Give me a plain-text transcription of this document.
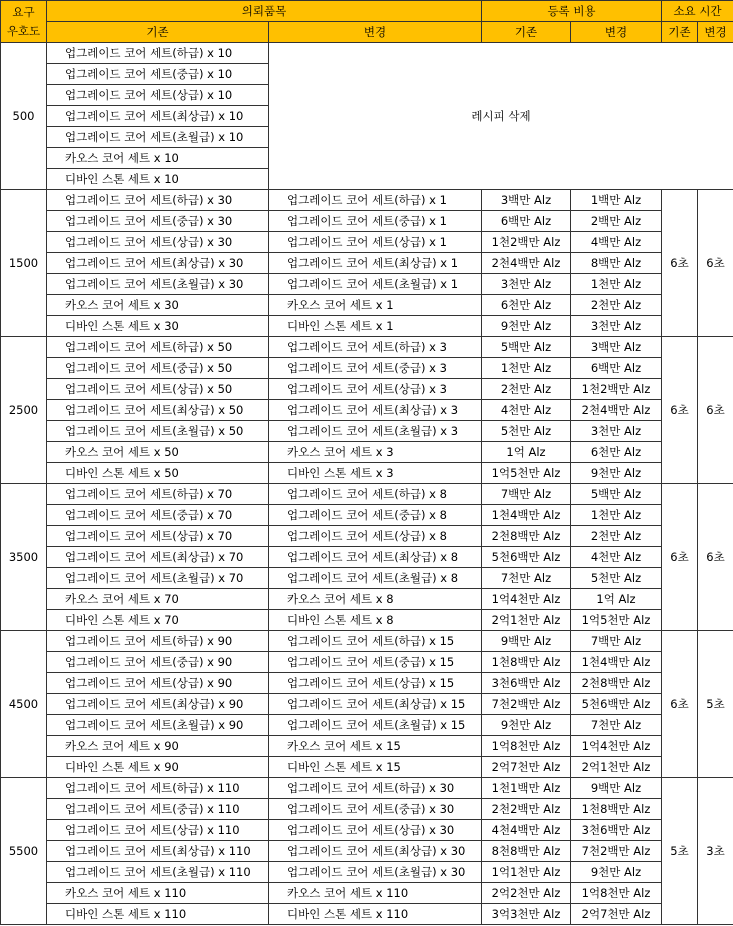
요구
우호도	의뢰품목		등록 비용		소요 시간	
	기존	변경	기존	변경	기존	변경
500	업그레이드 코어 세트(하급) x 10	레시피 삭제				
	업그레이드 코어 세트(중급) x 10					
	업그레이드 코어 세트(상급) x 10					
	업그레이드 코어 세트(최상급) x 10					
	업그레이드 코어 세트(초월급) x 10					
	카오스 코어 세트 x 10					
	디바인 스톤 세트 x 10					
1500	업그레이드 코어 세트(하급) x 30	업그레이드 코어 세트(하급) x 1	3백만 Alz	1백만 Alz	6초	6초
	업그레이드 코어 세트(중급) x 30	업그레이드 코어 세트(중급) x 1	6백만 Alz	2백만 Alz		
	업그레이드 코어 세트(상급) x 30	업그레이드 코어 세트(상급) x 1	1천2백만 Alz	4백만 Alz		
	업그레이드 코어 세트(최상급) x 30	업그레이드 코어 세트(최상급) x 1	2천4백만 Alz	8백만 Alz		
	업그레이드 코어 세트(초월급) x 30	업그레이드 코어 세트(초월급) x 1	3천만 Alz	1천만 Alz		
	카오스 코어 세트 x 30	카오스 코어 세트 x 1	6천만 Alz	2천만 Alz		
	디바인 스톤 세트 x 30	디바인 스톤 세트 x 1	9천만 Alz	3천만 Alz		
2500	업그레이드 코어 세트(하급) x 50	업그레이드 코어 세트(하급) x 3	5백만 Alz	3백만 Alz	6초	6초
	업그레이드 코어 세트(중급) x 50	업그레이드 코어 세트(중급) x 3	1천만 Alz	6백만 Alz		
	업그레이드 코어 세트(상급) x 50	업그레이드 코어 세트(상급) x 3	2천만 Alz	1천2백만 Alz		
	업그레이드 코어 세트(최상급) x 50	업그레이드 코어 세트(최상급) x 3	4천만 Alz	2천4백만 Alz		
	업그레이드 코어 세트(초월급) x 50	업그레이드 코어 세트(초월급) x 3	5천만 Alz	3천만 Alz		
	카오스 코어 세트 x 50	카오스 코어 세트 x 3	1억 Alz	6천만 Alz		
	디바인 스톤 세트 x 50	디바인 스톤 세트 x 3	1억5천만 Alz	9천만 Alz		
3500	업그레이드 코어 세트(하급) x 70	업그레이드 코어 세트(하급) x 8	7백만 Alz	5백만 Alz	6초	6초
	업그레이드 코어 세트(중급) x 70	업그레이드 코어 세트(중급) x 8	1천4백만 Alz	1천만 Alz		
	업그레이드 코어 세트(상급) x 70	업그레이드 코어 세트(상급) x 8	2천8백만 Alz	2천만 Alz		
	업그레이드 코어 세트(최상급) x 70	업그레이드 코어 세트(최상급) x 8	5천6백만 Alz	4천만 Alz		
	업그레이드 코어 세트(초월급) x 70	업그레이드 코어 세트(초월급) x 8	7천만 Alz	5천만 Alz		
	카오스 코어 세트 x 70	카오스 코어 세트 x 8	1억4천만 Alz	1억 Alz		
	디바인 스톤 세트 x 70	디바인 스톤 세트 x 8	2억1천만 Alz	1억5천만 Alz		
4500	업그레이드 코어 세트(하급) x 90	업그레이드 코어 세트(하급) x 15	9백만 Alz	7백만 Alz	6초	5초
	업그레이드 코어 세트(중급) x 90	업그레이드 코어 세트(중급) x 15	1천8백만 Alz	1천4백만 Alz		
	업그레이드 코어 세트(상급) x 90	업그레이드 코어 세트(상급) x 15	3천6백만 Alz	2천8백만 Alz		
	업그레이드 코어 세트(최상급) x 90	업그레이드 코어 세트(최상급) x 15	7천2백만 Alz	5천6백만 Alz		
	업그레이드 코어 세트(초월급) x 90	업그레이드 코어 세트(초월급) x 15	9천만 Alz	7천만 Alz		
	카오스 코어 세트 x 90	카오스 코어 세트 x 15	1억8천만 Alz	1억4천만 Alz		
	디바인 스톤 세트 x 90	디바인 스톤 세트 x 15	2억7천만 Alz	2억1천만 Alz		
5500	업그레이드 코어 세트(하급) x 110	업그레이드 코어 세트(하급) x 30	1천1백만 Alz	9백만 Alz	5초	3초
	업그레이드 코어 세트(중급) x 110	업그레이드 코어 세트(중급) x 30	2천2백만 Alz	1천8백만 Alz		
	업그레이드 코어 세트(상급) x 110	업그레이드 코어 세트(상급) x 30	4천4백만 Alz	3천6백만 Alz		
	업그레이드 코어 세트(최상급) x 110	업그레이드 코어 세트(최상급) x 30	8천8백만 Alz	7천2백만 Alz		
	업그레이드 코어 세트(초월급) x 110	업그레이드 코어 세트(초월급) x 30	1억1천만 Alz	9천만 Alz		
	카오스 코어 세트 x 110	카오스 코어 세트 x 110	2억2천만 Alz	1억8천만 Alz		
	디바인 스톤 세트 x 110	디바인 스톤 세트 x 110	3억3천만 Alz	2억7천만 Alz		
